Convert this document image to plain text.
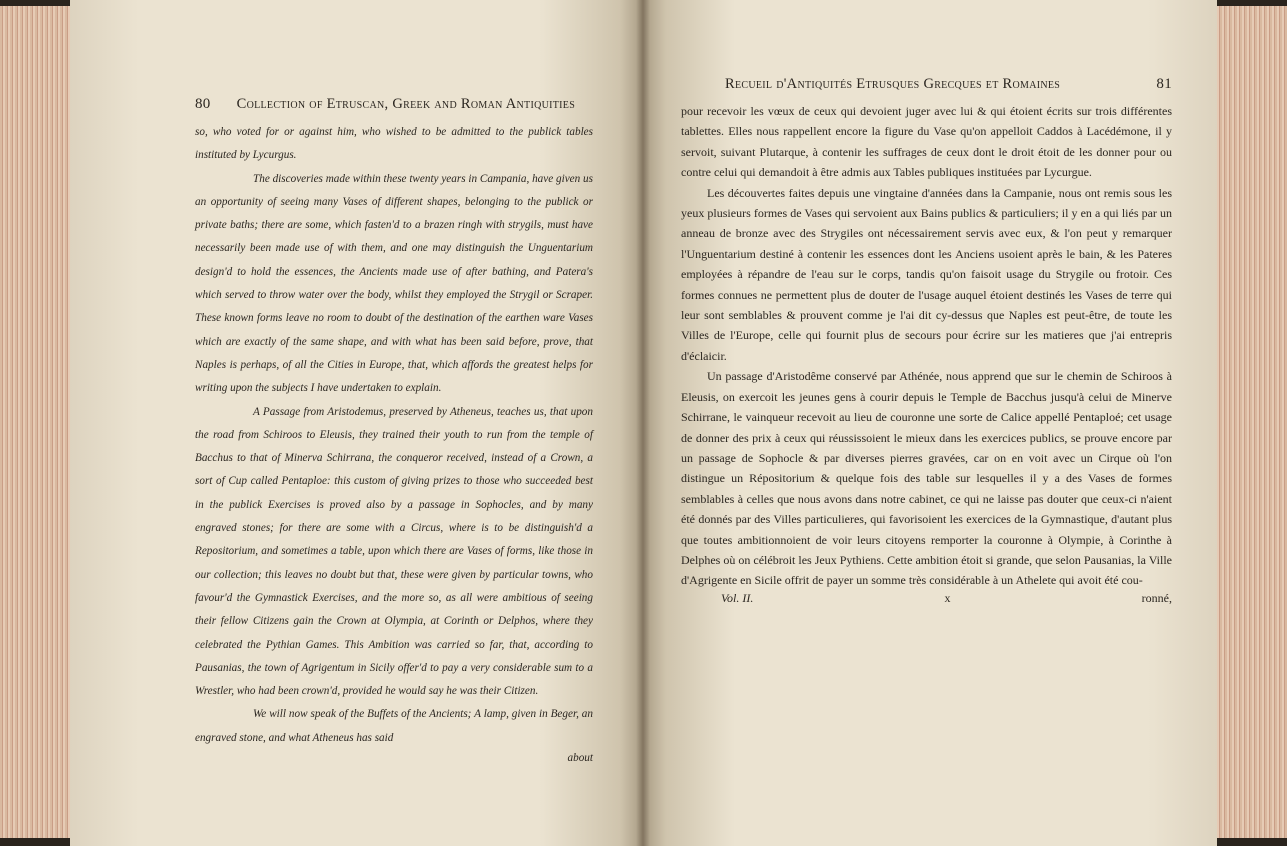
80 Collection of Etruscan, Greek and Roman Antiquities

so, who voted for or against him, who wished to be admitted to the publick tables instituted by Lycurgus.

The discoveries made within these twenty years in Campania, have given us an opportunity of seeing many Vases of different shapes, belonging to the publick or private baths; there are some, which fasten'd to a brazen ringh with strygils, must have necessarily been made use of with them, and one may distinguish the Unguentarium design'd to hold the essences, the Ancients made use of after bathing, and Patera's which served to throw water over the body, whilst they employed the Strygil or Scraper. These known forms leave no room to doubt of the destination of the earthen ware Vases which are exactly of the same shape, and with what has been said before, prove, that Naples is perhaps, of all the Cities in Europe, that, which affords the greatest helps for writing upon the subjects I have undertaken to explain.

A Passage from Aristodemus, preserved by Atheneus, teaches us, that upon the road from Schiroos to Eleusis, they trained their youth to run from the temple of Bacchus to that of Minerva Schirrana, the conqueror received, instead of a Crown, a sort of Cup called Pentaploe: this custom of giving prizes to those who succeeded best in the publick Exercises is proved also by a passage in Sophocles, and by many engraved stones; for there are some with a Circus, where is to be distinguish'd a Repositorium, and sometimes a table, upon which there are Vases of forms, like those in our collection; this leaves no doubt but that, these were given by particular towns, who favour'd the Gymnastick Exercises, and the more so, as all were ambitious of seeing their fellow Citizens gain the Crown at Olympia, at Corinth or Delphos, where they celebrated the Pythian Games. This Ambition was carried so far, that, according to Pausanias, the town of Agrigentum in Sicily offer'd to pay a very considerable sum to a Wrestler, who had been crown'd, provided he would say he was their Citizen.

We will now speak of the Buffets of the Ancients; A lamp, given in Beger, an engraved stone, and what Atheneus has said

about
Recueil d'Antiquités Etrusques Grecques et Romaines	81

pour recevoir les vœux de ceux qui devoient juger avec lui & qui étoient écrits sur trois différentes tablettes. Elles nous rappellent encore la figure du Vase qu'on appelloit Caddos à Lacédémone, il y servoit, suivant Plutarque, à contenir les suffrages de ceux dont le droit étoit de les donner pour ou contre celui qui demandoit à être admis aux Tables publiques instituées par Lycurgue.

Les découvertes faites depuis une vingtaine d'années dans la Campanie, nous ont remis sous les yeux plusieurs formes de Vases qui servoient aux Bains publics & particuliers; il y en a qui liés par un anneau de bronze avec des Strygiles ont nécessairement servis avec eux, & l'on peut y remarquer l'Unguentarium destiné à contenir les essences dont les Anciens usoient après le bain, & les Pateres employées à répandre de l'eau sur le corps, tandis qu'on faisoit usage du Strygile ou frotoir. Ces formes connues ne permettent plus de douter de l'usage auquel étoient destinés les Vases de terre qui leur sont semblables & prouvent comme je l'ai dit cy-dessus que Naples est peut-être, de toute les Villes de l'Europe, celle qui fournit plus de secours pour écrire sur les matieres que j'ai entrepris d'éclaicir.

Un passage d'Aristodême conservé par Athénée, nous apprend que sur le chemin de Schiroos à Eleusis, on exercoit les jeunes gens à courir depuis le Temple de Bacchus jusqu'à celui de Minerve Schirrane, le vainqueur recevoit au lieu de couronne une sorte de Calice appellé Pentaploé; cet usage de donner des prix à ceux qui réussissoient le mieux dans les exercices publics, se prouve encore par un passage de Sophocle & par diverses pierres gravées, car on en voit avec un Cirque où l'on distingue un Répositorium & quelque fois des table sur lesquelles il y a des Vases de formes semblables à celles que nous avons dans notre cabinet, ce qui ne laisse pas douter que ceux-ci n'aient été donnés par des Villes particulieres, qui favorisoient les exercices de la Gymnastique, d'autant plus que toutes ambitionnoient de voir leurs citoyens remporter la couronne à Olympie, à Corinthe à Delphes où on célébroit les Jeux Pythiens. Cette ambition étoit si grande, que selon Pausanias, la Ville d'Agrigente en Sicile offrit de payer un somme très considérable à un Athelete qui avoit été cou-

Vol. II.	x	ronné,
